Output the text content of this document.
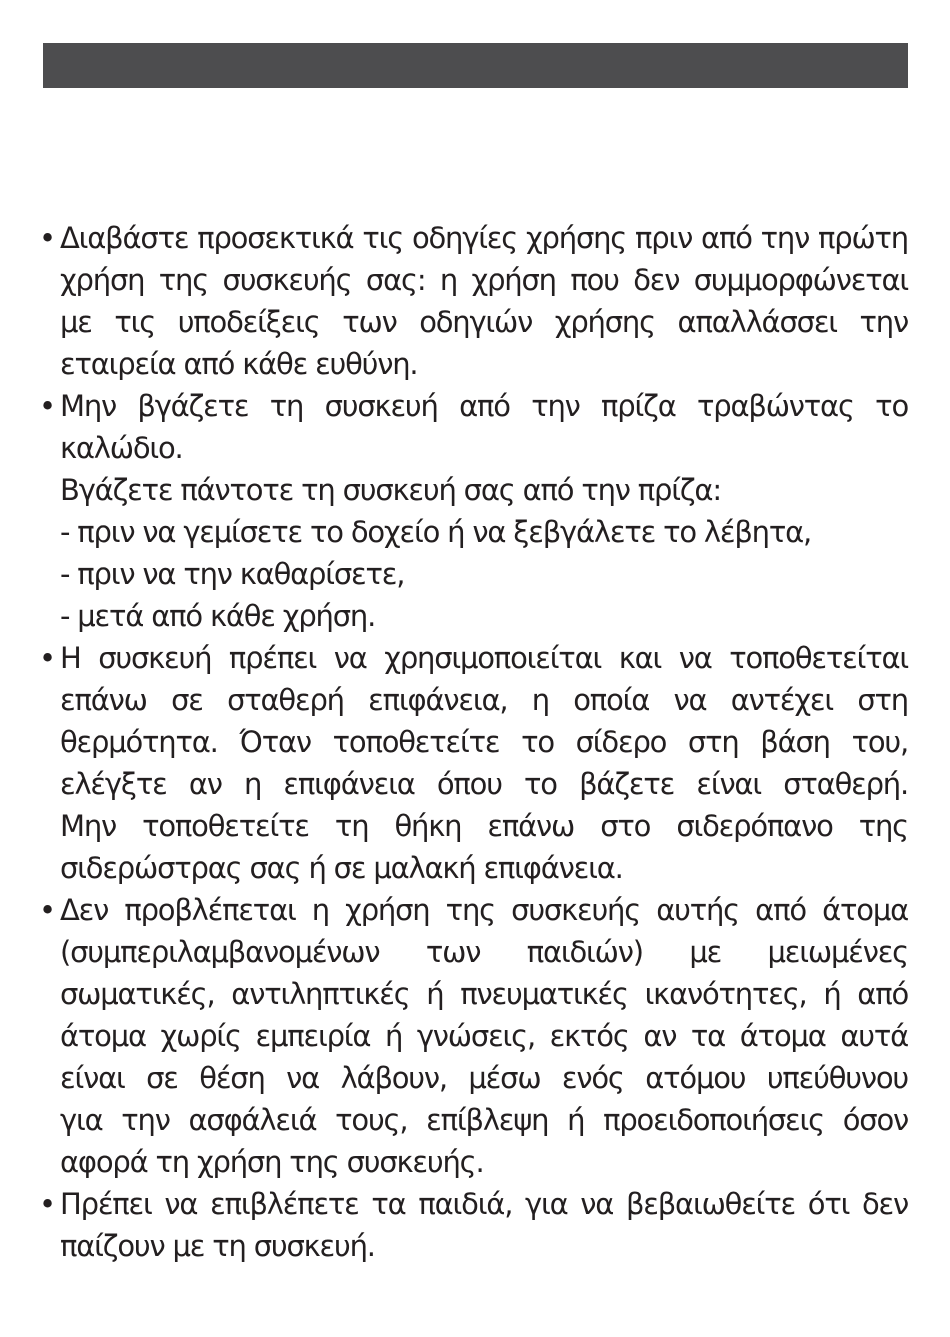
• Διαβάστε προσεκτικά τις οδηγίες χρήσης πριν από την πρώτη
χρήση της συσκευής σας: η χρήση που δεν συμμορφώνεται
με τις υποδείξεις των οδηγιών χρήσης απαλλάσσει την
εταιρεία από κάθε ευθύνη.
• Μην βγάζετε τη συσκευή από την πρίζα τραβώντας το
καλώδιο.
Βγάζετε πάντοτε τη συσκευή σας από την πρίζα:
- πριν να γεμίσετε το δοχείο ή να ξεβγάλετε το λέβητα,
- πριν να την καθαρίσετε,
- μετά από κάθε χρήση.
• Η συσκευή πρέπει να χρησιμοποιείται και να τοποθετείται
επάνω σε σταθερή επιφάνεια, η οποία να αντέχει στη
θερμότητα. Όταν τοποθετείτε το σίδερο στη βάση του,
ελέγξτε αν η επιφάνεια όπου το βάζετε είναι σταθερή.
Μην τοποθετείτε τη θήκη επάνω στο σιδερόπανο της
σιδερώστρας σας ή σε μαλακή επιφάνεια.
• Δεν προβλέπεται η χρήση της συσκευής αυτής από άτομα
(συμπεριλαμβανομένων των παιδιών) με μειωμένες
σωματικές, αντιληπτικές ή πνευματικές ικανότητες, ή από
άτομα χωρίς εμπειρία ή γνώσεις, εκτός αν τα άτομα αυτά
είναι σε θέση να λάβουν, μέσω ενός ατόμου υπεύθυνου
για την ασφάλειά τους, επίβλεψη ή προειδοποιήσεις όσον
αφορά τη χρήση της συσκευής.
• Πρέπει να επιβλέπετε τα παιδιά, για να βεβαιωθείτε ότι δεν
παίζουν με τη συσκευή.
